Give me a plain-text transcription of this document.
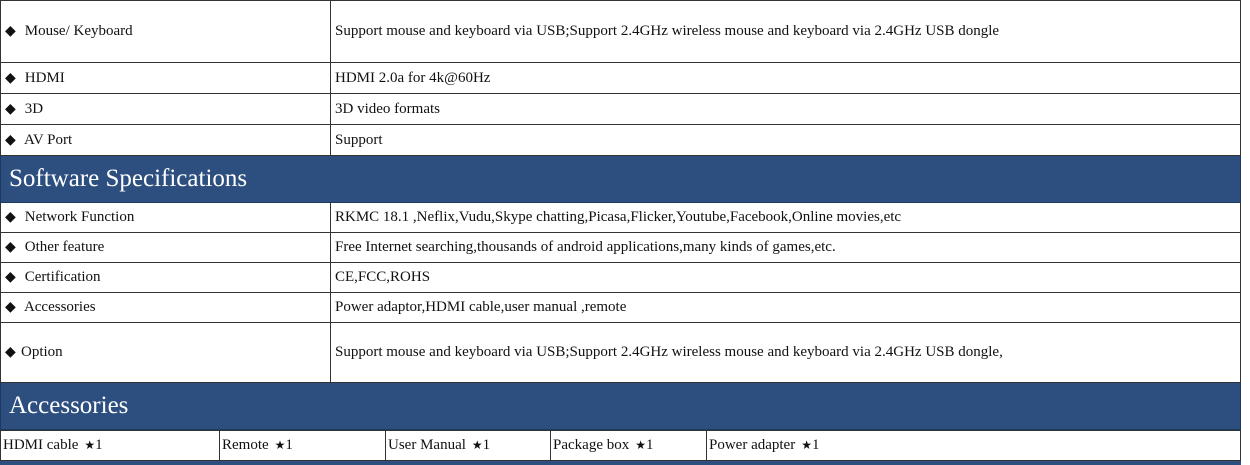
◆ Mouse/ Keyboard	Support mouse and keyboard via USB;Support 2.4GHz wireless mouse and keyboard via 2.4GHz USB dongle
◆ HDMI	HDMI 2.0a for 4k@60Hz
◆ 3D	3D video formats
◆ AV Port	Support
Software Specifications	
◆ Network Function	RKMC 18.1 ,Neflix,Vudu,Skype chatting,Picasa,Flicker,Youtube,Facebook,Online movies,etc
◆ Other feature	Free Internet searching,thousands of android applications,many kinds of games,etc.
◆ Certification	CE,FCC,ROHS
◆ Accessories	Power adaptor,HDMI cable,user manual ,remote
◆ Option	Support mouse and keyboard via USB;Support 2.4GHz wireless mouse and keyboard via 2.4GHz USB dongle,
Accessories	
HDMI cable ★1	Remote ★1	User Manual ★1	Package box ★1	Power adapter ★1
